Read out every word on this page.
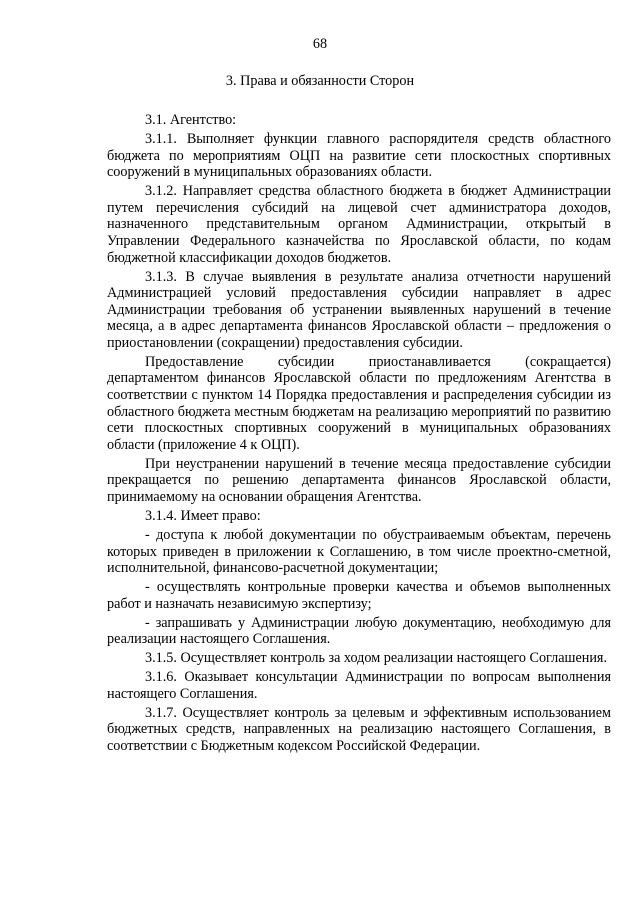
68
3. Права и обязанности Сторон

3.1. Агентство:

3.1.1. Выполняет функции главного распорядителя средств областного бюджета по мероприятиям ОЦП на развитие сети плоскостных спортивных сооружений в муниципальных образованиях области.

3.1.2. Направляет средства областного бюджета в бюджет Администрации путем перечисления субсидий на лицевой счет администратора доходов, назначенного представительным органом Администрации, открытый в Управлении Федерального казначейства по Ярославской области, по кодам бюджетной классификации доходов бюджетов.

3.1.3. В случае выявления в результате анализа отчетности нарушений Администрацией условий предоставления субсидии направляет в адрес Администрации требования об устранении выявленных нарушений в течение месяца, а в адрес департамента финансов Ярославской области – предложения о приостановлении (сокращении) предоставления субсидии.

Предоставление субсидии приостанавливается (сокращается) департаментом финансов Ярославской области по предложениям Агентства в соответствии с пунктом 14 Порядка предоставления и распределения субсидии из областного бюджета местным бюджетам на реализацию мероприятий по развитию сети плоскостных спортивных сооружений в муниципальных образованиях области (приложение 4 к ОЦП).

При неустранении нарушений в течение месяца предоставление субсидии прекращается по решению департамента финансов Ярославской области, принимаемому на основании обращения Агентства.

3.1.4. Имеет право:

- доступа к любой документации по обустраиваемым объектам, перечень которых приведен в приложении к Соглашению, в том числе проектно-сметной, исполнительной, финансово-расчетной документации;

- осуществлять контрольные проверки качества и объемов выполненных работ и назначать независимую экспертизу;

- запрашивать у Администрации любую документацию, необходимую для реализации настоящего Соглашения.

3.1.5. Осуществляет контроль за ходом реализации настоящего Соглашения.

3.1.6. Оказывает консультации Администрации по вопросам выполнения настоящего Соглашения.

3.1.7. Осуществляет контроль за целевым и эффективным использованием бюджетных средств, направленных на реализацию настоящего Соглашения, в соответствии с Бюджетным кодексом Российской Федерации.
